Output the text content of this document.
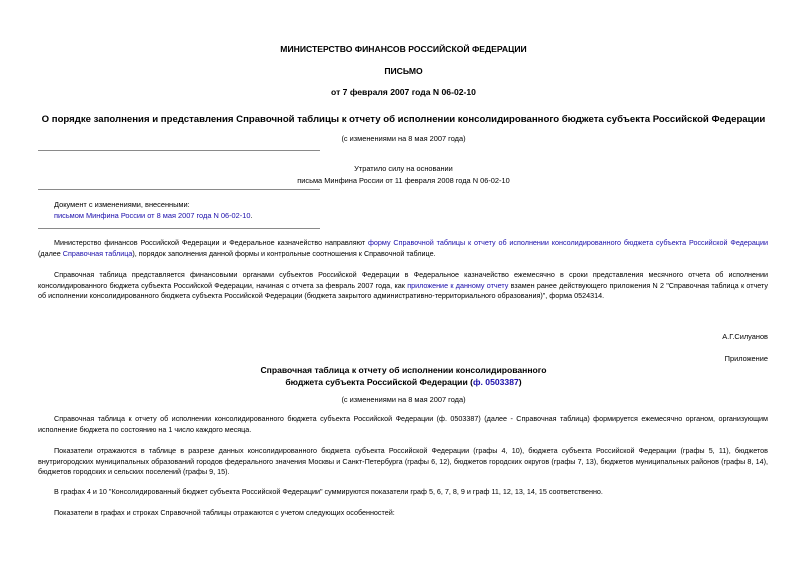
МИНИСТЕРСТВО ФИНАНСОВ РОССИЙСКОЙ ФЕДЕРАЦИИ
ПИСЬМО
от 7 февраля 2007 года N 06-02-10
О порядке заполнения и представления Справочной таблицы к отчету об исполнении консолидированного бюджета субъекта Российской Федерации
(с изменениями на 8 мая 2007 года)
Утратило силу на основании
письма Минфина России от 11 февраля 2008 года N 06-02-10
Документ с изменениями, внесенными:
письмом Минфина России от 8 мая 2007 года N 06-02-10.
Министерство финансов Российской Федерации и Федеральное казначейство направляют форму Справочной таблицы к отчету об исполнении консолидированного бюджета субъекта Российской Федерации (далее Справочная таблица), порядок заполнения данной формы и контрольные соотношения к Справочной таблице.
Справочная таблица представляется финансовыми органами субъектов Российской Федерации в Федеральное казначейство ежемесячно в сроки представления месячного отчета об исполнении консолидированного бюджета субъекта Российской Федерации, начиная с отчета за февраль 2007 года, как приложение к данному отчету взамен ранее действующего приложения N 2 "Справочная таблица к отчету об исполнении консолидированного бюджета субъекта Российской Федерации (бюджета закрытого административно-территориального образования)", форма 0524314.
А.Г.Силуанов
Приложение
Справочная таблица к отчету об исполнении консолидированного
бюджета субъекта Российской Федерации (ф. 0503387)
(с изменениями на 8 мая 2007 года)
Справочная таблица к отчету об исполнении консолидированного бюджета субъекта Российской Федерации (ф. 0503387) (далее - Справочная таблица) формируется ежемесячно органом, организующим исполнение бюджета по состоянию на 1 число каждого месяца.
Показатели отражаются в таблице в разрезе данных консолидированного бюджета субъекта Российской Федерации (графы 4, 10), бюджета субъекта Российской Федерации (графы 5, 11), бюджетов внутригородских муниципальных образований городов федерального значения Москвы и Санкт-Петербурга (графы 6, 12), бюджетов городских округов (графы 7, 13), бюджетов муниципальных районов (графы 8, 14), бюджетов городских и сельских поселений (графы 9, 15).
В графах 4 и 10 "Консолидированный бюджет субъекта Российской Федерации" суммируются показатели граф 5, 6, 7, 8, 9 и граф 11, 12, 13, 14, 15 соответственно.
Показатели в графах и строках Справочной таблицы отражаются с учетом следующих особенностей:
